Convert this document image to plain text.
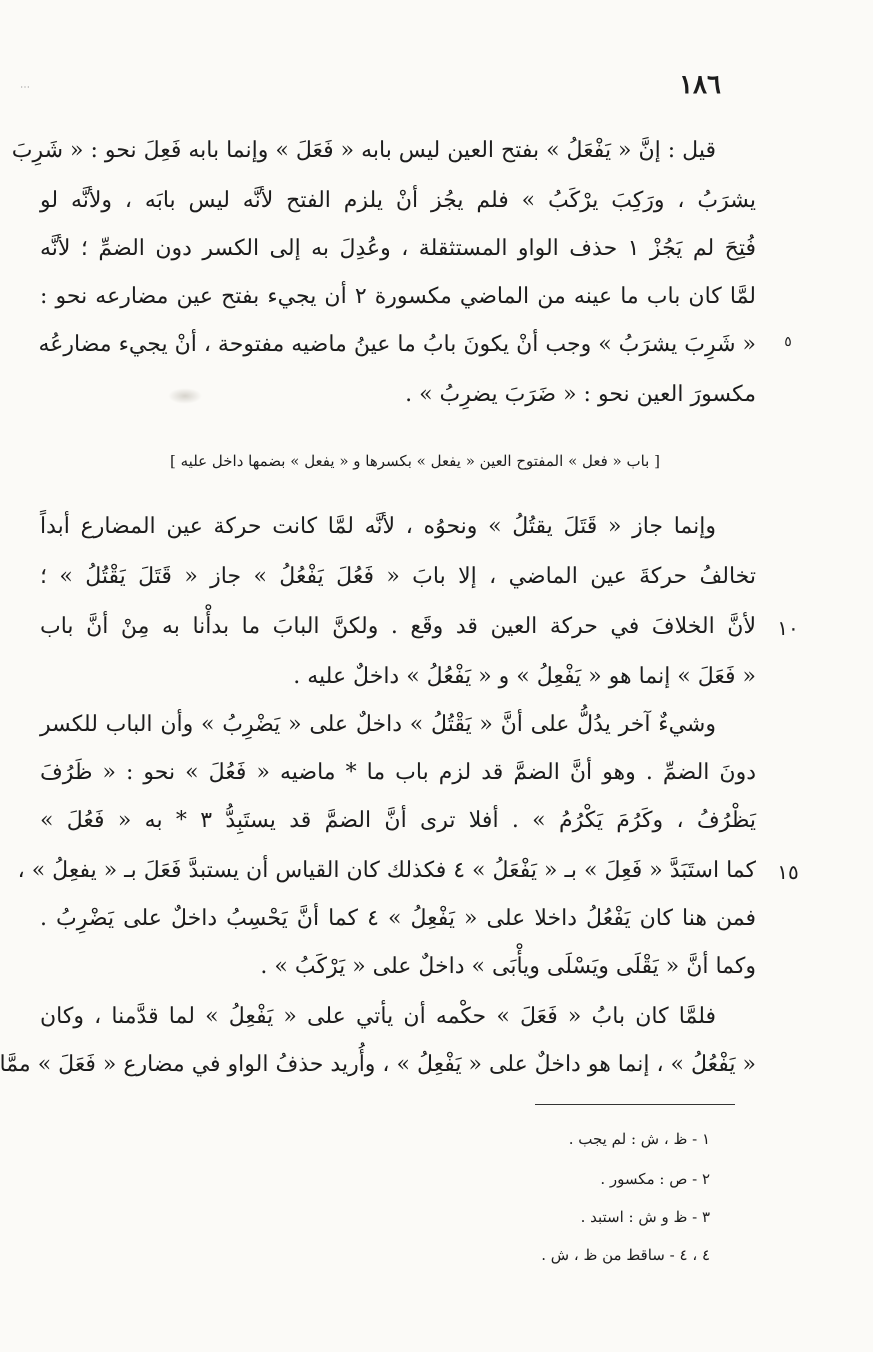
⋯	١٨٦
قيل : إنَّ « يَفْعَلُ » بفتح العين ليس بابه « فَعَلَ » وإنما بابه فَعِلَ نحو : « شَرِبَ
يشرَبُ ، ورَكِبَ يرْكَبُ » فلم يجُز أنْ يلزم الفتح لأنَّه ليس بابَه ، ولأنَّه لو
فُتِحَ لم يَجُزْ ١ حذف الواو المستثقلة ، وعُدِلَ به إلى الكسر دون الضمِّ ؛ لأنَّه
لمَّا كان باب ما عينه من الماضي مكسورة ٢ أن يجيء بفتح عين مضارعه نحو :
« شَرِبَ يشرَبُ » وجب أنْ يكونَ بابُ ما عينُ ماضيه مفتوحة ، أنْ يجيء مضارعُه	٥
مكسورَ العين نحو : « ضَرَبَ يضرِبُ » .
[ باب « فعل » المفتوح العين « يفعل » بكسرها و « يفعل » بضمها داخل عليه ]
وإنما جاز « قَتَلَ يقتُلُ » ونحوُه ، لأنَّه لمَّا كانت حركة عين المضارع أبداً
تخالفُ حركةَ عين الماضي ، إلا بابَ « فَعُلَ يَفْعُلُ » جاز « قَتَلَ يَقْتُلُ » ؛
لأنَّ الخلافَ في حركة العين قد وقَع . ولكنَّ البابَ ما بدأْنا به مِنْ أنَّ باب	١٠
« فَعَلَ » إنما هو « يَفْعِلُ » و « يَفْعُلُ » داخلٌ عليه .
وشيءٌ آخر يدُلُّ على أنَّ « يَقْتُلُ » داخلٌ على « يَضْرِبُ » وأن الباب للكسر
دونَ الضمِّ . وهو أنَّ الضمَّ قد لزم باب ما * ماضيه « فَعُلَ » نحو : « ظَرُفَ
يَظْرُفُ ، وكَرُمَ يَكْرُمُ » . أفلا ترى أنَّ الضمَّ قد يستَبِدُّ ٣ * به « فَعُلَ »
كما استَبَدَّ « فَعِلَ » بـ « يَفْعَلُ » ٤ فكذلك كان القياس أن يستبدَّ فَعَلَ بـ « يفعِلُ » ،	١٥
فمن هنا كان يَفْعُلُ داخلا على « يَفْعِلُ » ٤ كما أنَّ يَحْسِبُ داخلٌ على يَضْرِبُ .
وكما أنَّ « يَقْلَى ويَسْلَى ويأْبَى » داخلٌ على « يَرْكَبُ » .
فلمَّا كان بابُ « فَعَلَ » حكْمه أن يأتي على « يَفْعِلُ » لما قدَّمنا ، وكان
« يَفْعُلُ » ، إنما هو داخلٌ على « يَفْعِلُ » ، وأُريد حذفُ الواو في مضارع « فَعَلَ » ممَّا
١ - ظ ، ش : لم يجب .
٢ - ص : مكسور .
٣ - ظ و ش : استبد .
٤ ، ٤ - ساقط من ظ ، ش .
